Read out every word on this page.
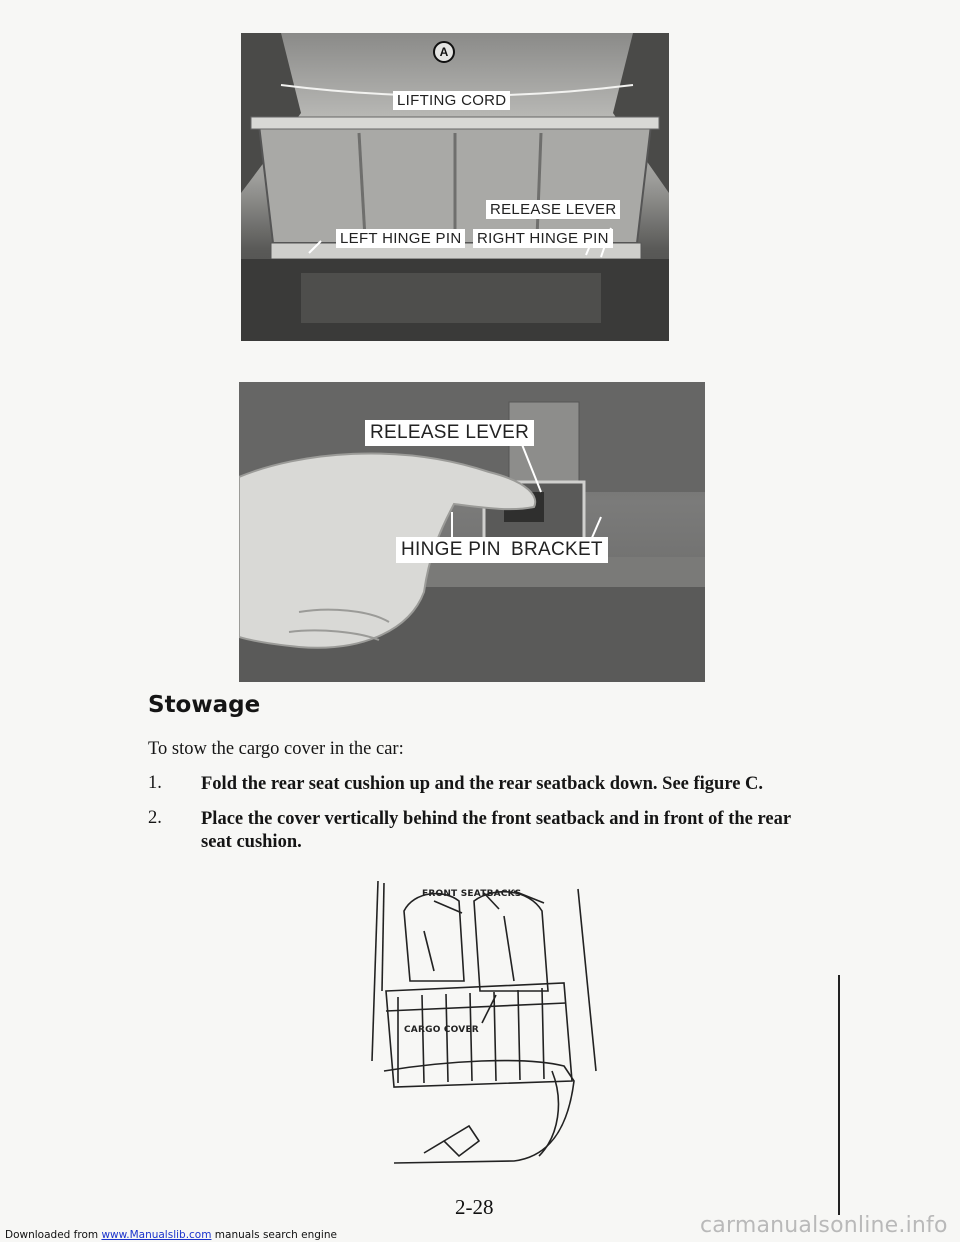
A
LIFTING CORD
RELEASE LEVER
LEFT HINGE PIN RIGHT HINGE PIN
RELEASE LEVER
HINGE PIN BRACKET
Stowage

To stow the cargo cover in the car:

1. Fold the rear seat cushion up and the rear seatback down. See figure C.
2. Place the cover vertically behind the front seatback and in front of the rear seat cushion.
FRONT SEATBACKS
CARGO COVER

2-28

Downloaded from www.Manualslib.com manuals search engine	carmanualsonline.info
